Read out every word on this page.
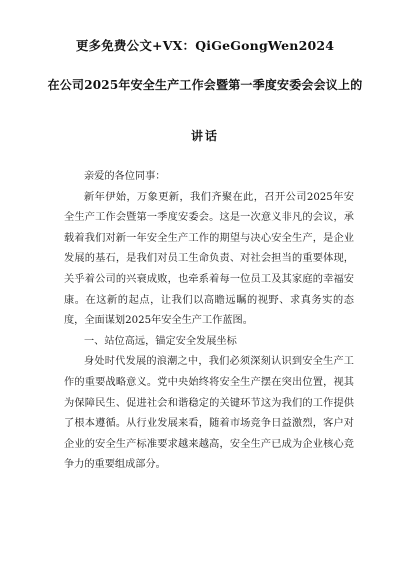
更多免费公文+VX：QiGeGongWen2024
在公司2025年安全生产工作会暨第一季度安委会会议上的
讲话

亲爱的各位同事：

新年伊始，万象更新，我们齐聚在此，召开公司2025年安全生产工作会暨第一季度安委会。这是一次意义非凡的会议，承载着我们对新一年安全生产工作的期望与决心安全生产，是企业发展的基石，是我们对员工生命负责、对社会担当的重要体现，关乎着公司的兴衰成败，也牵系着每一位员工及其家庭的幸福安康。在这新的起点，让我们以高瞻远瞩的视野、求真务实的态度，全面谋划2025年安全生产工作蓝图。

一、站位高远，锚定安全发展坐标

身处时代发展的浪潮之中，我们必须深刻认识到安全生产工作的重要战略意义。党中央始终将安全生产摆在突出位置，视其为保障民生、促进社会和谐稳定的关键环节这为我们的工作提供了根本遵循。从行业发展来看，随着市场竞争日益激烈，客户对企业的安全生产标准要求越来越高，安全生产已成为企业核心竞争力的重要组成部分。
